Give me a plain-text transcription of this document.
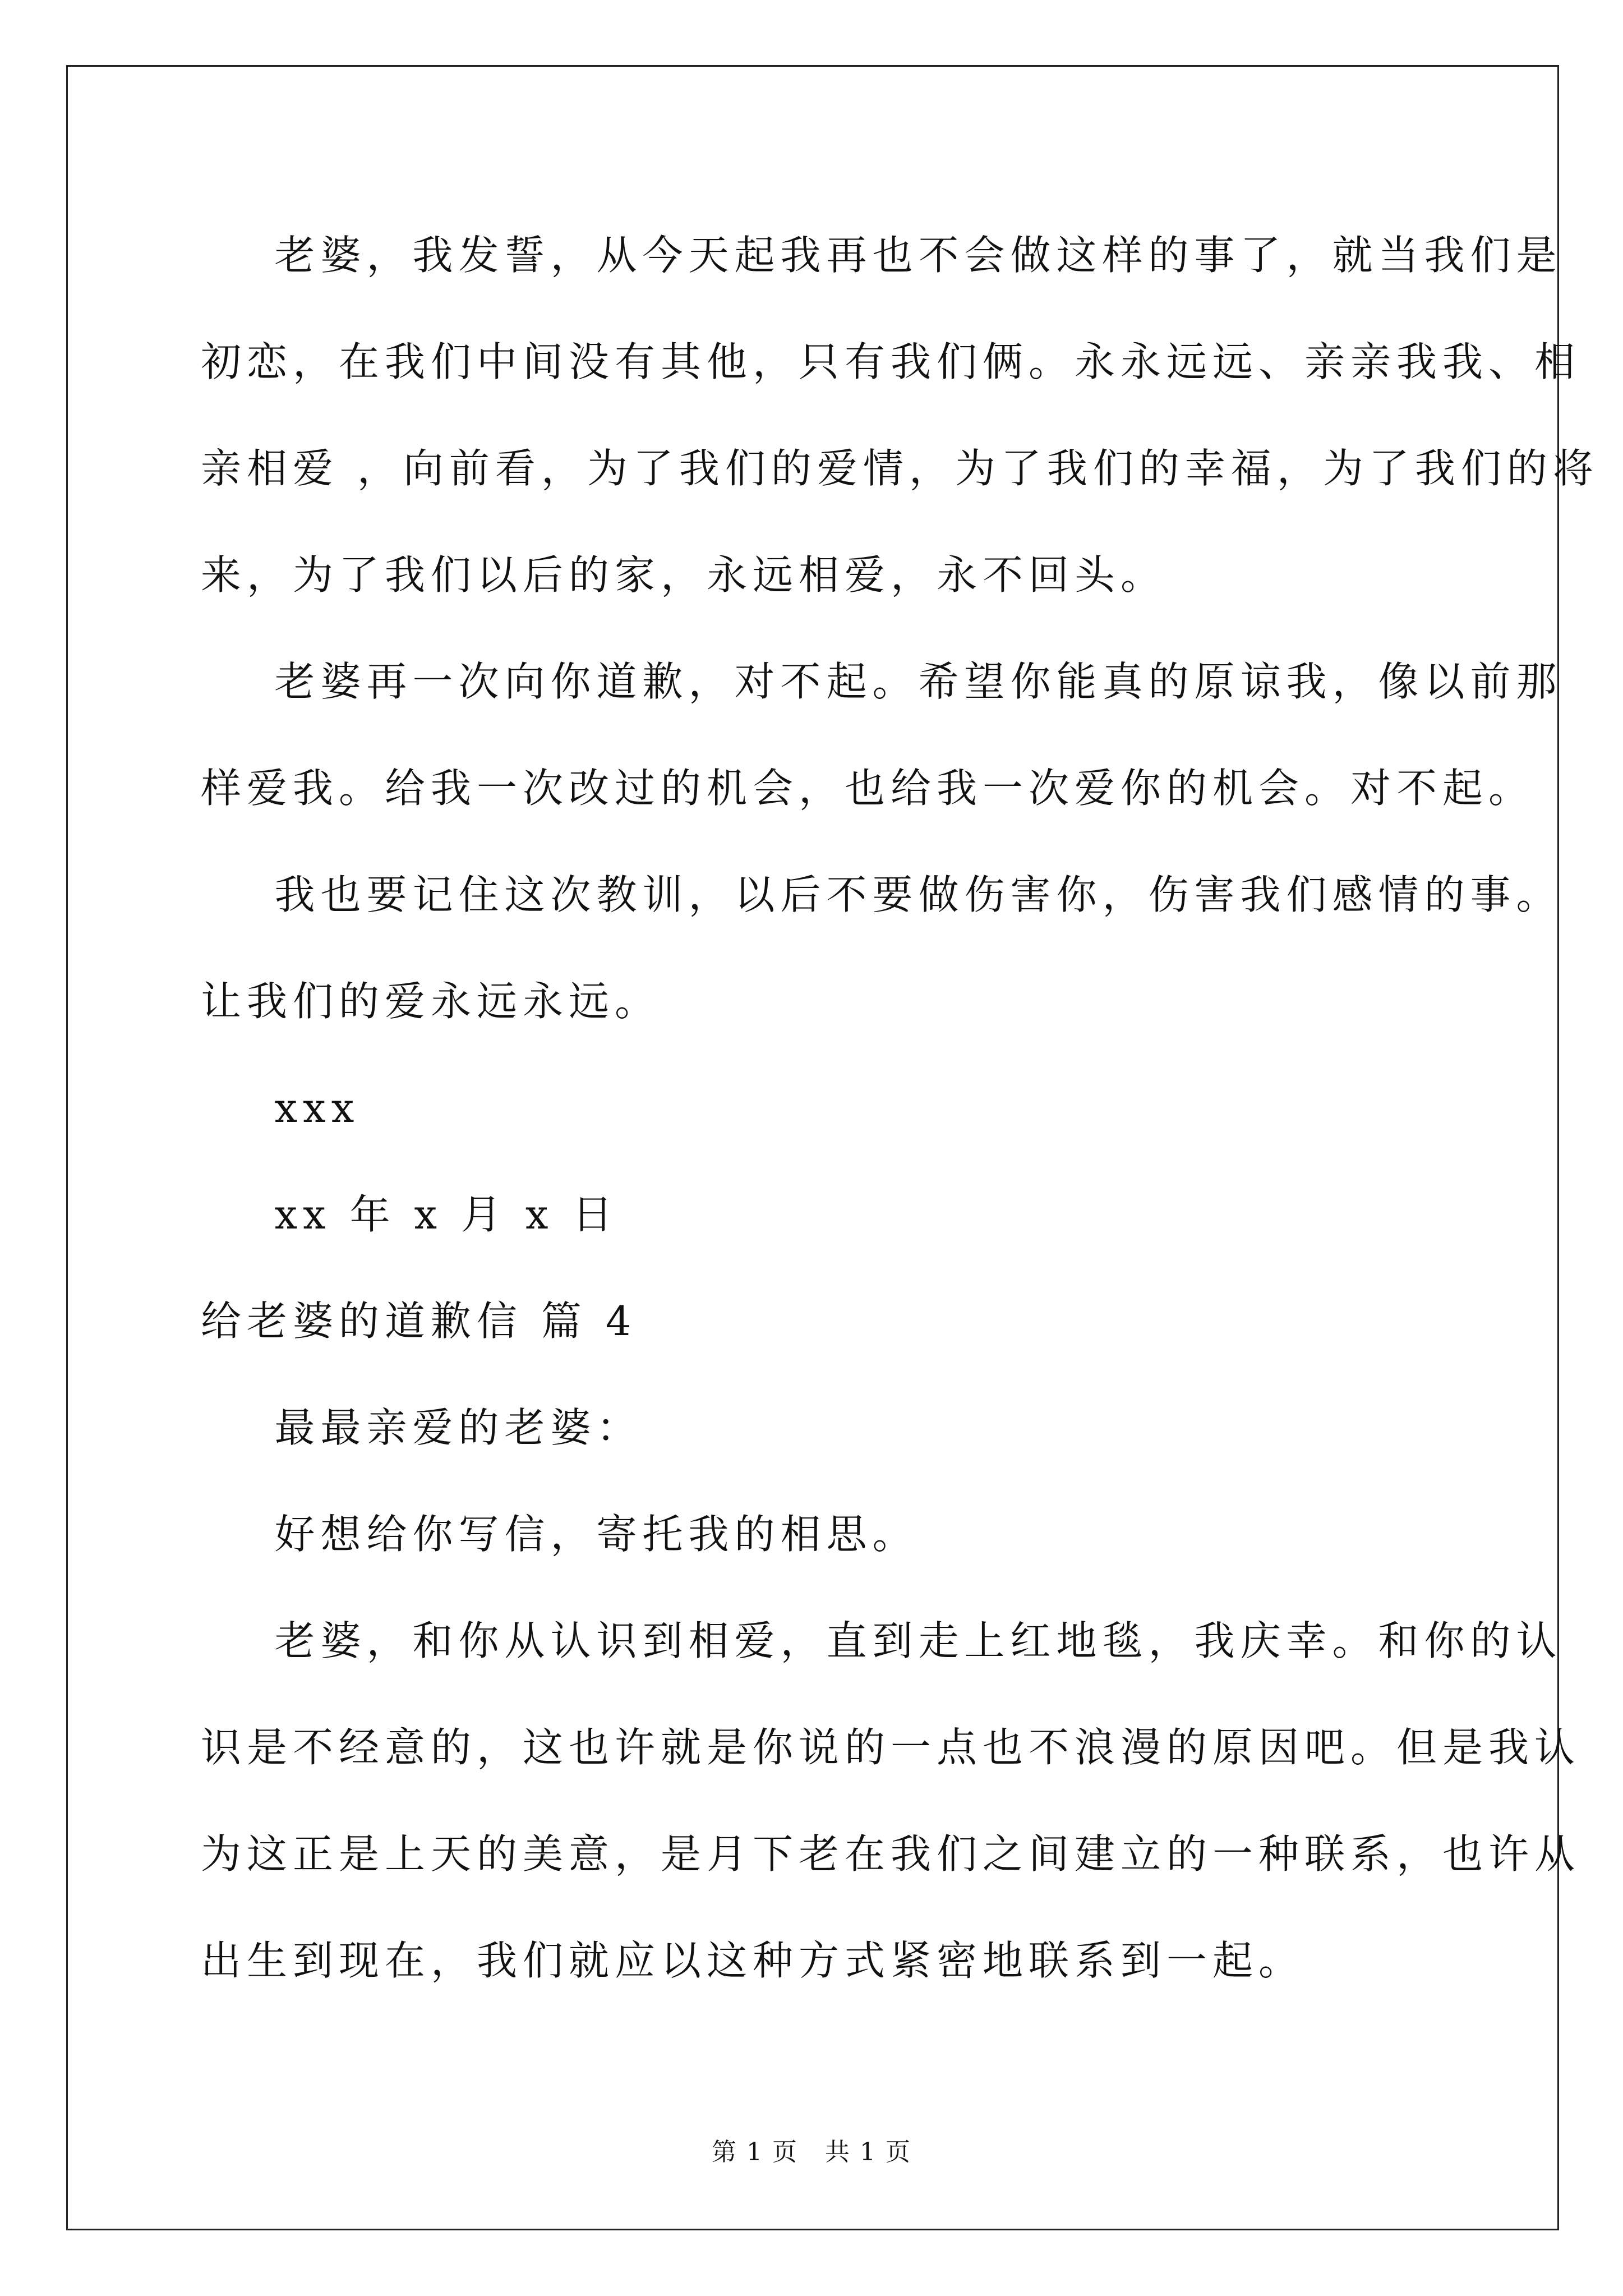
老婆，我发誓，从今天起我再也不会做这样的事了，就当我们是
初恋，在我们中间没有其他，只有我们俩。永永远远、亲亲我我、相
亲相爱 ，向前看，为了我们的爱情，为了我们的幸福，为了我们的将
来，为了我们以后的家，永远相爱，永不回头。
老婆再一次向你道歉，对不起。希望你能真的原谅我，像以前那
样爱我。给我一次改过的机会，也给我一次爱你的机会。对不起。
我也要记住这次教训，以后不要做伤害你，伤害我们感情的事。
让我们的爱永远永远。
xxx
xx 年 x 月 x 日
给老婆的道歉信 篇 4
最最亲爱的老婆：
好想给你写信，寄托我的相思。
老婆，和你从认识到相爱，直到走上红地毯，我庆幸。和你的认
识是不经意的，这也许就是你说的一点也不浪漫的原因吧。但是我认
为这正是上天的美意，是月下老在我们之间建立的一种联系，也许从
出生到现在，我们就应以这种方式紧密地联系到一起。
第 1 页   共 1 页
